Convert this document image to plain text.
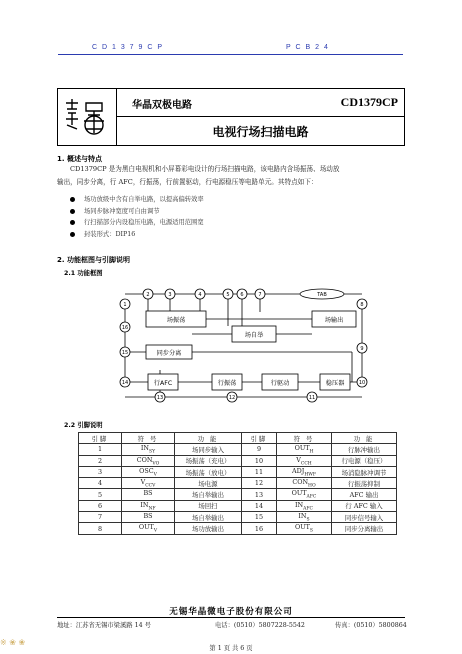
C D 1 3 7 9 C P	P C B 2 4
华晶双极电路	CD1379CP
电视行场扫描电路
1. 概述与特点
CD1379CP 是为黑白电视机和小屏幕彩电设计的行场扫描电路，该电路内含场振荡、场动放
输出，同步分离，行 AFC，行振荡，行前置驱动，行电源稳压等电路单元。其特点如下：
场功放级中含有自举电路，以提高偏转效率
场同步脉冲宽度可自由调节
行扫描部分内设稳压电路，电源适用范围宽
封装形式：DIP16
2. 功能框图与引脚说明
2.1 功能框图
场振荡	场输出
场自举
同步分离
行AFC	行振荡	行驱动	稳压器
TAB
1
2	3	4	5 6	7
8
16
15
9
14	10
13	12	11
2.2 引脚说明
引脚	符 号	功 能	引脚	符 号	功 能
1	$IN_{SY}$	场同步输入	9	$OUT_H$	行脉冲输出
2	$CON_{VO}$	场振荡（充电）	10	$V_{CCH}$	行电源（稳压）
3	$OSC_V$	场振荡（放电）	11	$ADJ_{HWF}$	场消隐脉冲调节
4	$V_{CCV}$	场电源	12	$CON_{HO}$	行振荡抑制
5	BS	场自举输出	13	$OUT_{AFC}$	AFC 输出
6	$IN_{NF}$	场回扫	14	$IN_{AFC}$	行 AFC 输入
7	BS	场自举输出	15	$IN_S$	同步信号输入
8	$OUT_V$	场功放输出	16	$OUT_S$	同步分离输出
无锡华晶微电子股份有限公司
地址：江苏省无锡市梁溪路 14 号	电话：(0510）5807228-5542	传真：(0510）5800864
第 1 页 共 6 页
※ ❀ ❀
